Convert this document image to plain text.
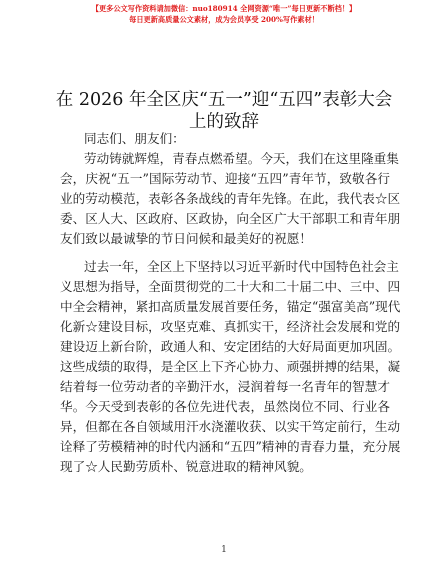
【更多公文写作资料请加微信：nuo180914 全网资源“唯一”每日更新不断档！】
每日更新高质量公文素材，成为会员享受 200%写作素材！
在 2026 年全区庆“五一”迎“五四”表彰大会
上的致辞
同志们、朋友们：
劳动铸就辉煌，青春点燃希望。今天，我们在这里隆重集
会，庆祝“五一”国际劳动节、迎接“五四”青年节，致敬各行
业的劳动模范，表彰各条战线的青年先锋。在此，我代表☆区
委、区人大、区政府、区政协，向全区广大干部职工和青年朋
友们致以最诚挚的节日问候和最美好的祝愿！
过去一年，全区上下坚持以习近平新时代中国特色社会主
义思想为指导，全面贯彻党的二十大和二十届二中、三中、四
中全会精神，紧扣高质量发展首要任务，锚定“强富美高”现代
化新☆建设目标，攻坚克难、真抓实干，经济社会发展和党的
建设迈上新台阶，政通人和、安定团结的大好局面更加巩固。
这些成绩的取得，是全区上下齐心协力、顽强拼搏的结果，凝
结着每一位劳动者的辛勤汗水，浸润着每一名青年的智慧才
华。今天受到表彰的各位先进代表，虽然岗位不同、行业各
异，但都在各自领域用汗水浇灌收获、以实干笃定前行，生动
诠释了劳模精神的时代内涵和“五四”精神的青春力量，充分展
现了☆人民勤劳质朴、锐意进取的精神风貌。
1
